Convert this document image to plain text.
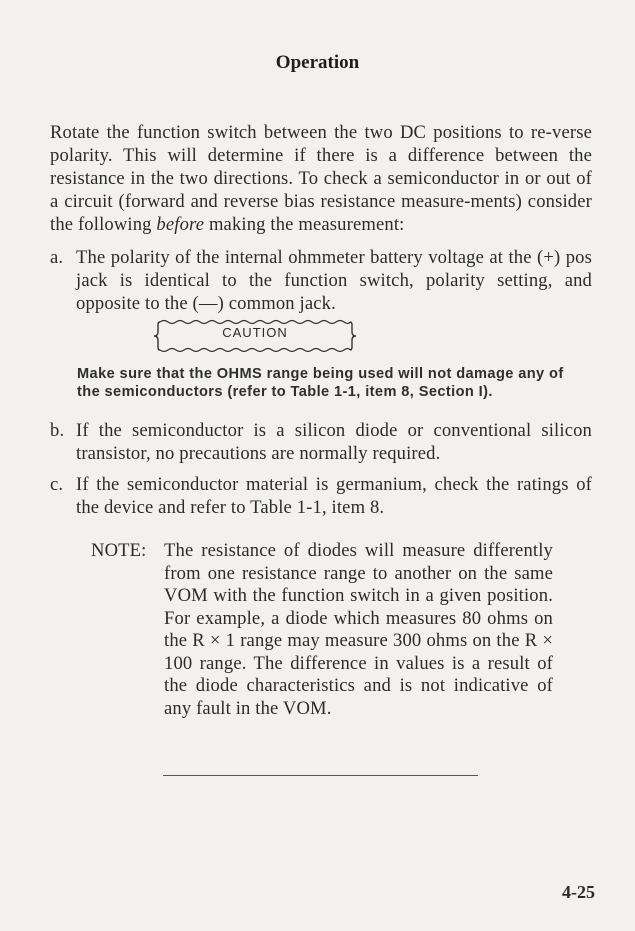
Operation
Rotate the function switch between the two DC positions to re-verse polarity. This will determine if there is a difference between the resistance in the two directions. To check a semiconductor in or out of a circuit (forward and reverse bias resistance measure-ments) consider the following before making the measurement:
a. The polarity of the internal ohmmeter battery voltage at the (+) pos jack is identical to the function switch, polarity setting, and opposite to the (—) common jack.
CAUTION
Make sure that the OHMS range being used will not damage any of the semiconductors (refer to Table 1-1, item 8, Section I).
b. If the semiconductor is a silicon diode or conventional silicon transistor, no precautions are normally required.
c. If the semiconductor material is germanium, check the ratings of the device and refer to Table 1-1, item 8.
NOTE: The resistance of diodes will measure differently from one resistance range to another on the same VOM with the function switch in a given position. For example, a diode which measures 80 ohms on the R × 1 range may measure 300 ohms on the R × 100 range. The difference in values is a result of the diode characteristics and is not indicative of any fault in the VOM.
4-25
